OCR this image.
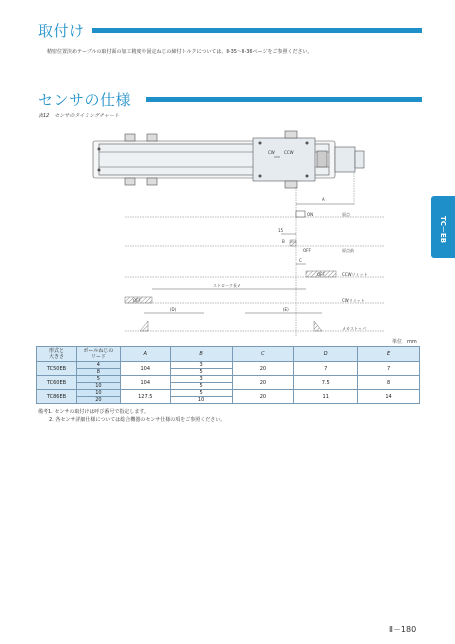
取付け
精密位置決めテーブルの取付面の加工精度や固定ねじの締付トルクについては、Ⅱ-35～Ⅱ-36ページをご参照ください。
センサの仕様
表12　センサのタイミングチャート
TC－EB
CW CCW
A
ON	原点
15
B
OFF	原点前
C
OFF	CCWリミット
ストローク長 ℓ
OFF	CWリミット
(D)	(E)
メカストッパ
単位　mm
形式と
大きさ	ボールねじの
リード	A	B	C	D	E
TC50EB	4	104	3	20	7	7
	8		5			
TC60EB	5	104	3	20	7.5	8
	10		5			
TC86EB	10	127.5	5	20	11	14
	20		10			
備考1. センサの取付けは呼び番号で指定します。
2. 各センサ詳細仕様については総合機器のセンサ仕様の項をご参照ください。
Ⅱ－180
